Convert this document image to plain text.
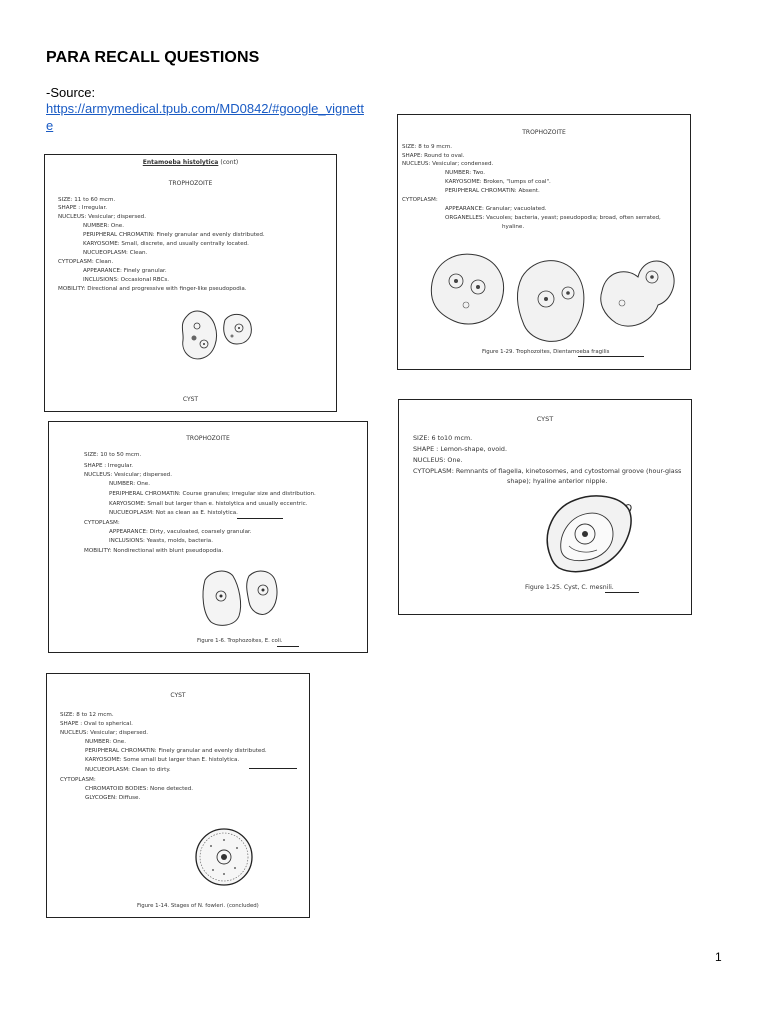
PARA RECALL QUESTIONS
-Source:
https://armymedical.tpub.com/MD0842/#google_vignette
Entamoeba histolytica (cont)
TROPHOZOITE
SIZE: 11 to 60 mcm.
SHAPE : Irregular.
NUCLEUS: Vesicular; dispersed.
NUMBER: One.
PERIPHERAL CHROMATIN: Finely granular and evenly distributed.
KARYOSOME: Small, discrete, and usually centrally located.
NUCUEOPLASM: Clean.
CYTOPLASM: Clean.
APPEARANCE: Finely granular.
INCLUSIONS: Occasional RBCs.
MOBILITY: Directional and progressive with finger-like pseudopodia.
CYST
TROPHOZOITE
SIZE: 8 to 9 mcm.
SHAPE: Round to oval.
NUCLEUS: Vesicular; condensed.
NUMBER: Two.
KARYOSOME: Broken, "lumps of coal".
PERIPHERAL CHROMATIN: Absent.
CYTOPLASM:
APPEARANCE: Granular; vacuolated.
ORGANELLES: Vacuoles; bacteria, yeast; pseudopodia; broad, often serrated,
hyaline.
Figure 1-29. Trophozoites, Dientamoeba fragilis
TROPHOZOITE
SIZE: 10 to 50 mcm.
SHAPE : Irregular.
NUCLEUS: Vesicular; dispersed.
NUMBER: One.
PERIPHERAL CHROMATIN: Course granules; irregular size and distribution.
KARYOSOME: Small but larger than e. histolytica and usually eccentric.
NUCUEOPLASM: Not as clean as E. histolytica.
CYTOPLASM:
APPEARANCE: Dirty, vaculoated, coarsely granular.
INCLUSIONS: Yeasts, molds, bacteria.
MOBILITY: Nondirectional with blunt pseudopodia.
Figure 1-6. Trophozoites, E. coli.
CYST
SIZE: 6 to10 mcm.
SHAPE : Lemon-shape, ovoid.
NUCLEUS: One.
CYTOPLASM: Remnants of flagella, kinetosomes, and cytostomal groove (hour-glass
shape); hyaline anterior nipple.
Figure 1-25. Cyst, C. mesnili.
CYST
SIZE: 8 to 12 mcm.
SHAPE : Oval to spherical.
NUCLEUS: Vesicular; dispersed.
NUMBER: One.
PERIPHERAL CHROMATIN: Finely granular and evenly distributed.
KARYOSOME: Some small but larger than E. histolytica.
NUCUEOPLASM: Clean to dirty.
CYTOPLASM:
CHROMATOID BODIES: None detected.
GLYCOGEN: Diffuse.
Figure 1-14. Stages of N. fowleri. (concluded)
1
